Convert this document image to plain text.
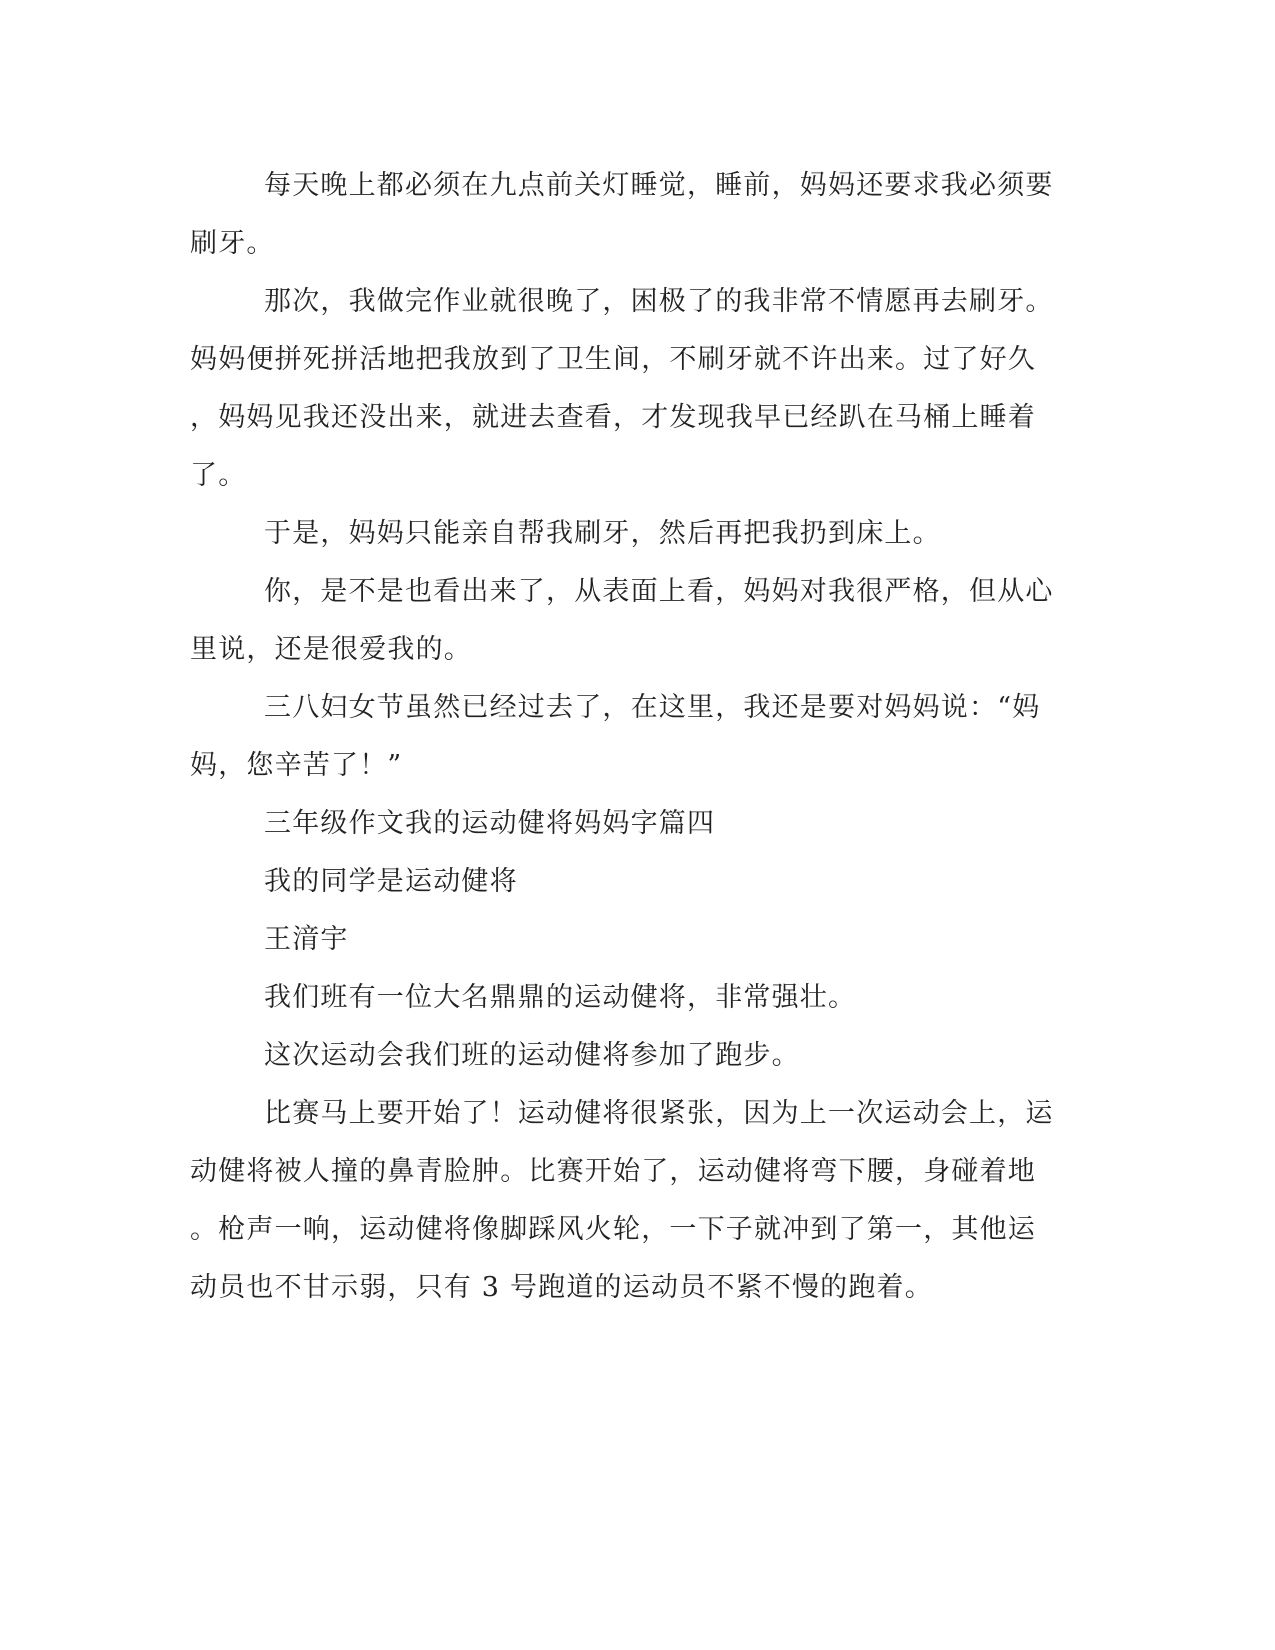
每天晚上都必须在九点前关灯睡觉，睡前，妈妈还要求我必须要
刷牙。
那次，我做完作业就很晚了，困极了的我非常不情愿再去刷牙。
妈妈便拼死拼活地把我放到了卫生间，不刷牙就不许出来。过了好久
，妈妈见我还没出来，就进去查看，才发现我早已经趴在马桶上睡着
了。
于是，妈妈只能亲自帮我刷牙，然后再把我扔到床上。
你，是不是也看出来了，从表面上看，妈妈对我很严格，但从心
里说，还是很爱我的。
三八妇女节虽然已经过去了，在这里，我还是要对妈妈说：“妈
妈，您辛苦了！”
三年级作文我的运动健将妈妈字篇四
我的同学是运动健将
王湇宇
我们班有一位大名鼎鼎的运动健将，非常强壮。
这次运动会我们班的运动健将参加了跑步。
比赛马上要开始了！运动健将很紧张，因为上一次运动会上，运
动健将被人撞的鼻青脸肿。比赛开始了，运动健将弯下腰，身碰着地
。枪声一响，运动健将像脚踩风火轮，一下子就冲到了第一，其他运
动员也不甘示弱，只有 3 号跑道的运动员不紧不慢的跑着。
